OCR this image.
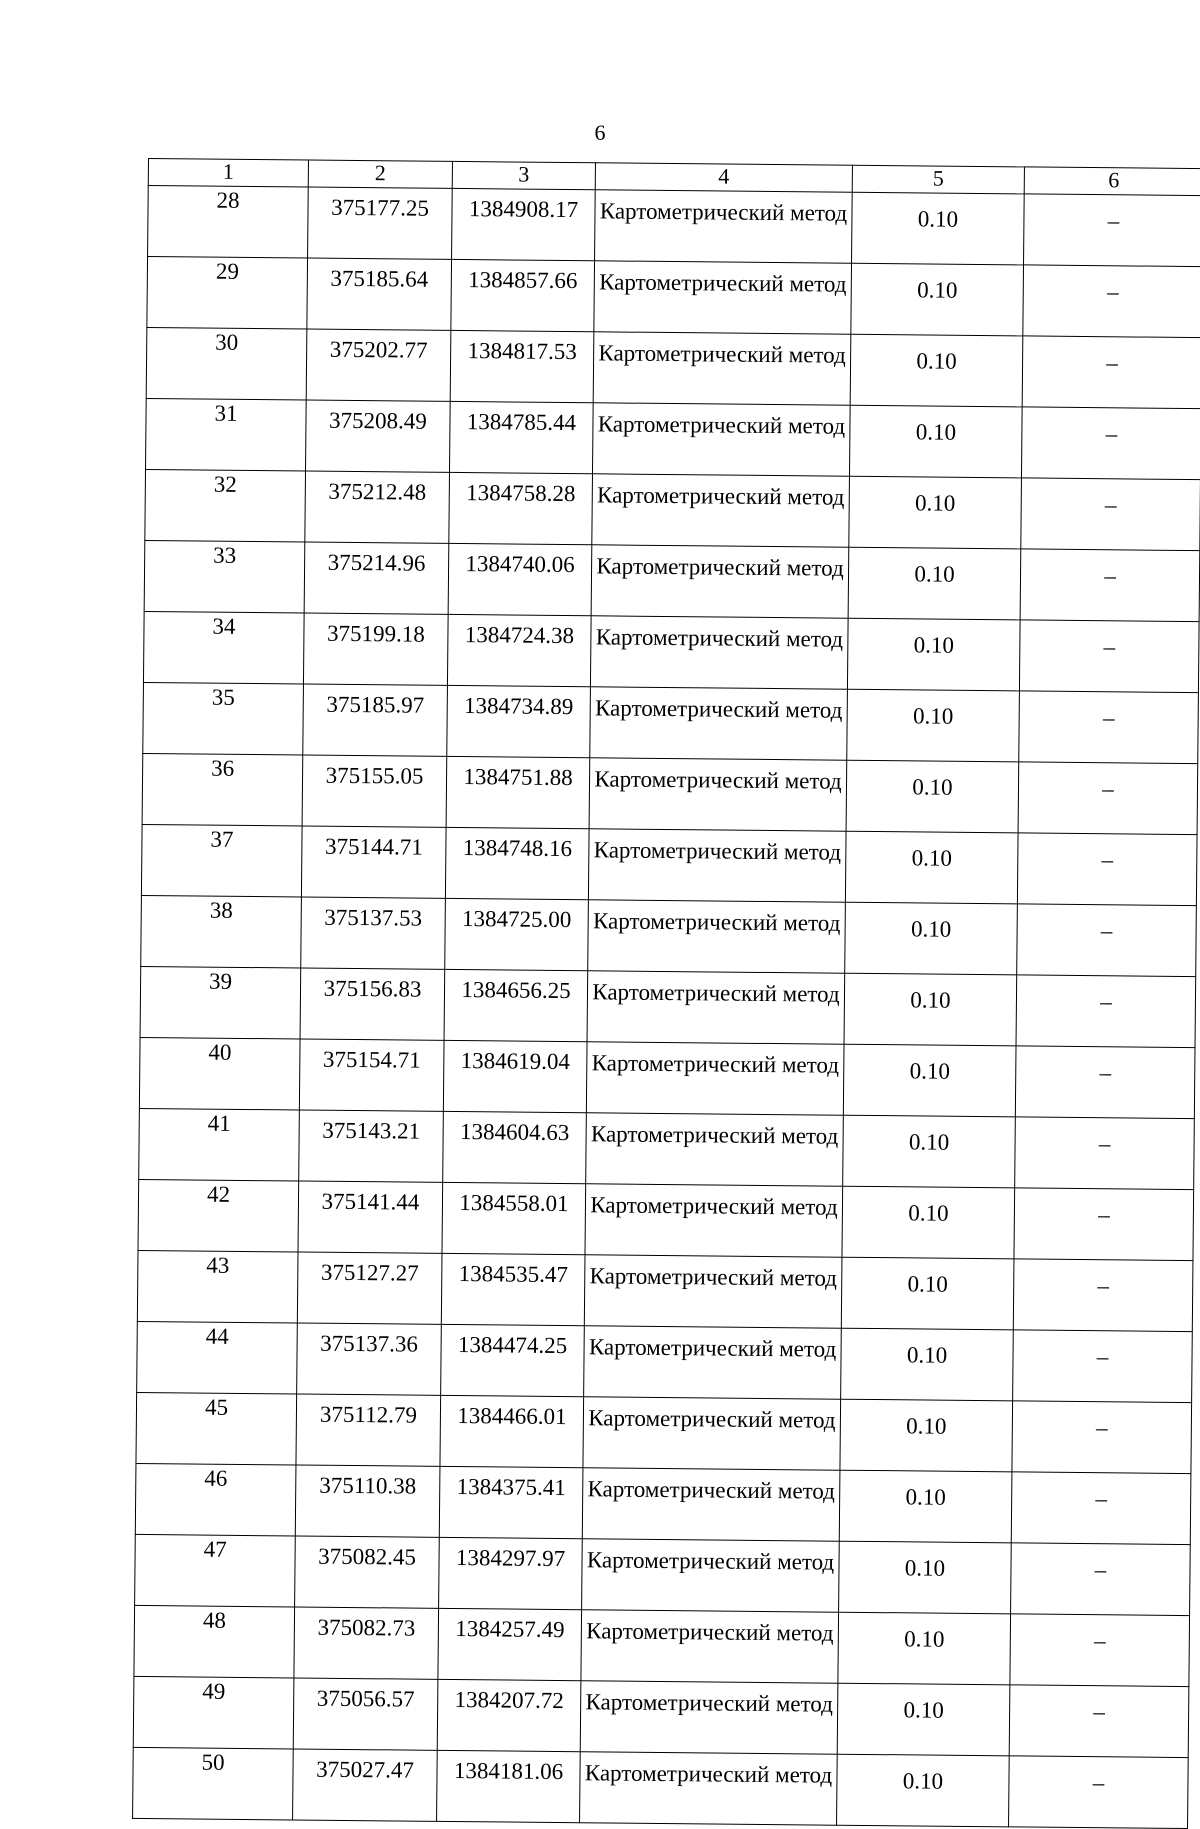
6
1	2	3	4	5	6
28	375177.25	1384908.17	Картометрический метод	0.10	–
29	375185.64	1384857.66	Картометрический метод	0.10	–
30	375202.77	1384817.53	Картометрический метод	0.10	–
31	375208.49	1384785.44	Картометрический метод	0.10	–
32	375212.48	1384758.28	Картометрический метод	0.10	–
33	375214.96	1384740.06	Картометрический метод	0.10	–
34	375199.18	1384724.38	Картометрический метод	0.10	–
35	375185.97	1384734.89	Картометрический метод	0.10	–
36	375155.05	1384751.88	Картометрический метод	0.10	–
37	375144.71	1384748.16	Картометрический метод	0.10	–
38	375137.53	1384725.00	Картометрический метод	0.10	–
39	375156.83	1384656.25	Картометрический метод	0.10	–
40	375154.71	1384619.04	Картометрический метод	0.10	–
41	375143.21	1384604.63	Картометрический метод	0.10	–
42	375141.44	1384558.01	Картометрический метод	0.10	–
43	375127.27	1384535.47	Картометрический метод	0.10	–
44	375137.36	1384474.25	Картометрический метод	0.10	–
45	375112.79	1384466.01	Картометрический метод	0.10	–
46	375110.38	1384375.41	Картометрический метод	0.10	–
47	375082.45	1384297.97	Картометрический метод	0.10	–
48	375082.73	1384257.49	Картометрический метод	0.10	–
49	375056.57	1384207.72	Картометрический метод	0.10	–
50	375027.47	1384181.06	Картометрический метод	0.10	–
